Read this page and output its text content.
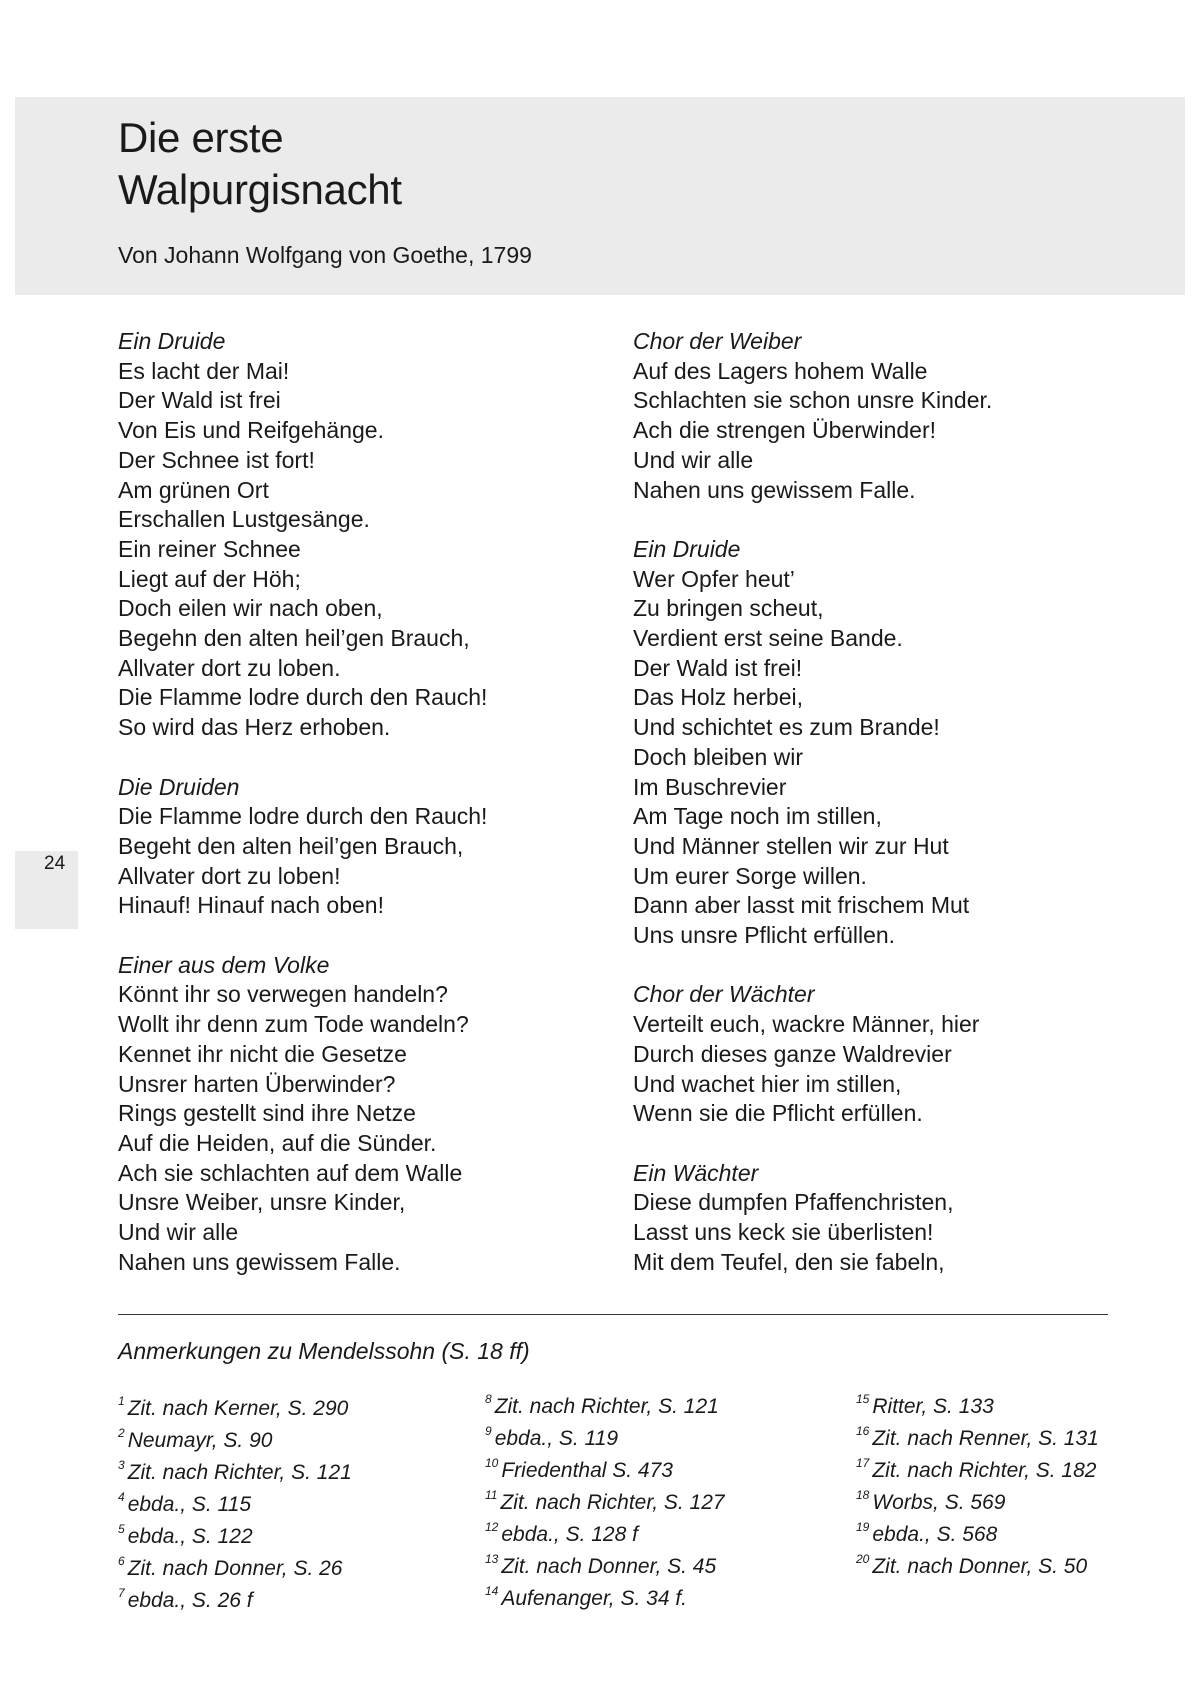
Die erste
Walpurgisnacht

Von Johann Wolfgang von Goethe, 1799

24
Ein Druide
Es lacht der Mai!
Der Wald ist frei
Von Eis und Reifgehänge.
Der Schnee ist fort!
Am grünen Ort
Erschallen Lustgesänge.
Ein reiner Schnee
Liegt auf der Höh;
Doch eilen wir nach oben,
Begehn den alten heil’gen Brauch,
Allvater dort zu loben.
Die Flamme lodre durch den Rauch!
So wird das Herz erhoben.
Die Druiden
Die Flamme lodre durch den Rauch!
Begeht den alten heil’gen Brauch,
Allvater dort zu loben!
Hinauf! Hinauf nach oben!
Einer aus dem Volke
Könnt ihr so verwegen handeln?
Wollt ihr denn zum Tode wandeln?
Kennet ihr nicht die Gesetze
Unsrer harten Überwinder?
Rings gestellt sind ihre Netze
Auf die Heiden, auf die Sünder.
Ach sie schlachten auf dem Walle
Unsre Weiber, unsre Kinder,
Und wir alle
Nahen uns gewissem Falle.
Chor der Weiber
Auf des Lagers hohem Walle
Schlachten sie schon unsre Kinder.
Ach die strengen Überwinder!
Und wir alle
Nahen uns gewissem Falle.
Ein Druide
Wer Opfer heut’
Zu bringen scheut,
Verdient erst seine Bande.
Der Wald ist frei!
Das Holz herbei,
Und schichtet es zum Brande!
Doch bleiben wir
Im Buschrevier
Am Tage noch im stillen,
Und Männer stellen wir zur Hut
Um eurer Sorge willen.
Dann aber lasst mit frischem Mut
Uns unsre Pflicht erfüllen.
Chor der Wächter
Verteilt euch, wackre Männer, hier
Durch dieses ganze Waldrevier
Und wachet hier im stillen,
Wenn sie die Pflicht erfüllen.
Ein Wächter
Diese dumpfen Pfaffenchristen,
Lasst uns keck sie überlisten!
Mit dem Teufel, den sie fabeln,
Anmerkungen zu Mendelssohn (S. 18 ff)
$^1$ Zit. nach Kerner, S. 290
$^2$ Neumayr, S. 90
$^3$ Zit. nach Richter, S. 121
$^4$ ebda., S. 115
$^5$ ebda., S. 122
$^6$ Zit. nach Donner, S. 26
$^7$ ebda., S. 26 f
$^8$ Zit. nach Richter, S. 121
$^9$ ebda., S. 119
$^{10}$ Friedenthal S. 473
$^{11}$ Zit. nach Richter, S. 127
$^{12}$ ebda., S. 128 f
$^{13}$ Zit. nach Donner, S. 45
$^{14}$ Aufenanger, S. 34 f.
$^{15}$ Ritter, S. 133
$^{16}$ Zit. nach Renner, S. 131
$^{17}$ Zit. nach Richter, S. 182
$^{18}$ Worbs, S. 569
$^{19}$ ebda., S. 568
$^{20}$ Zit. nach Donner, S. 50
